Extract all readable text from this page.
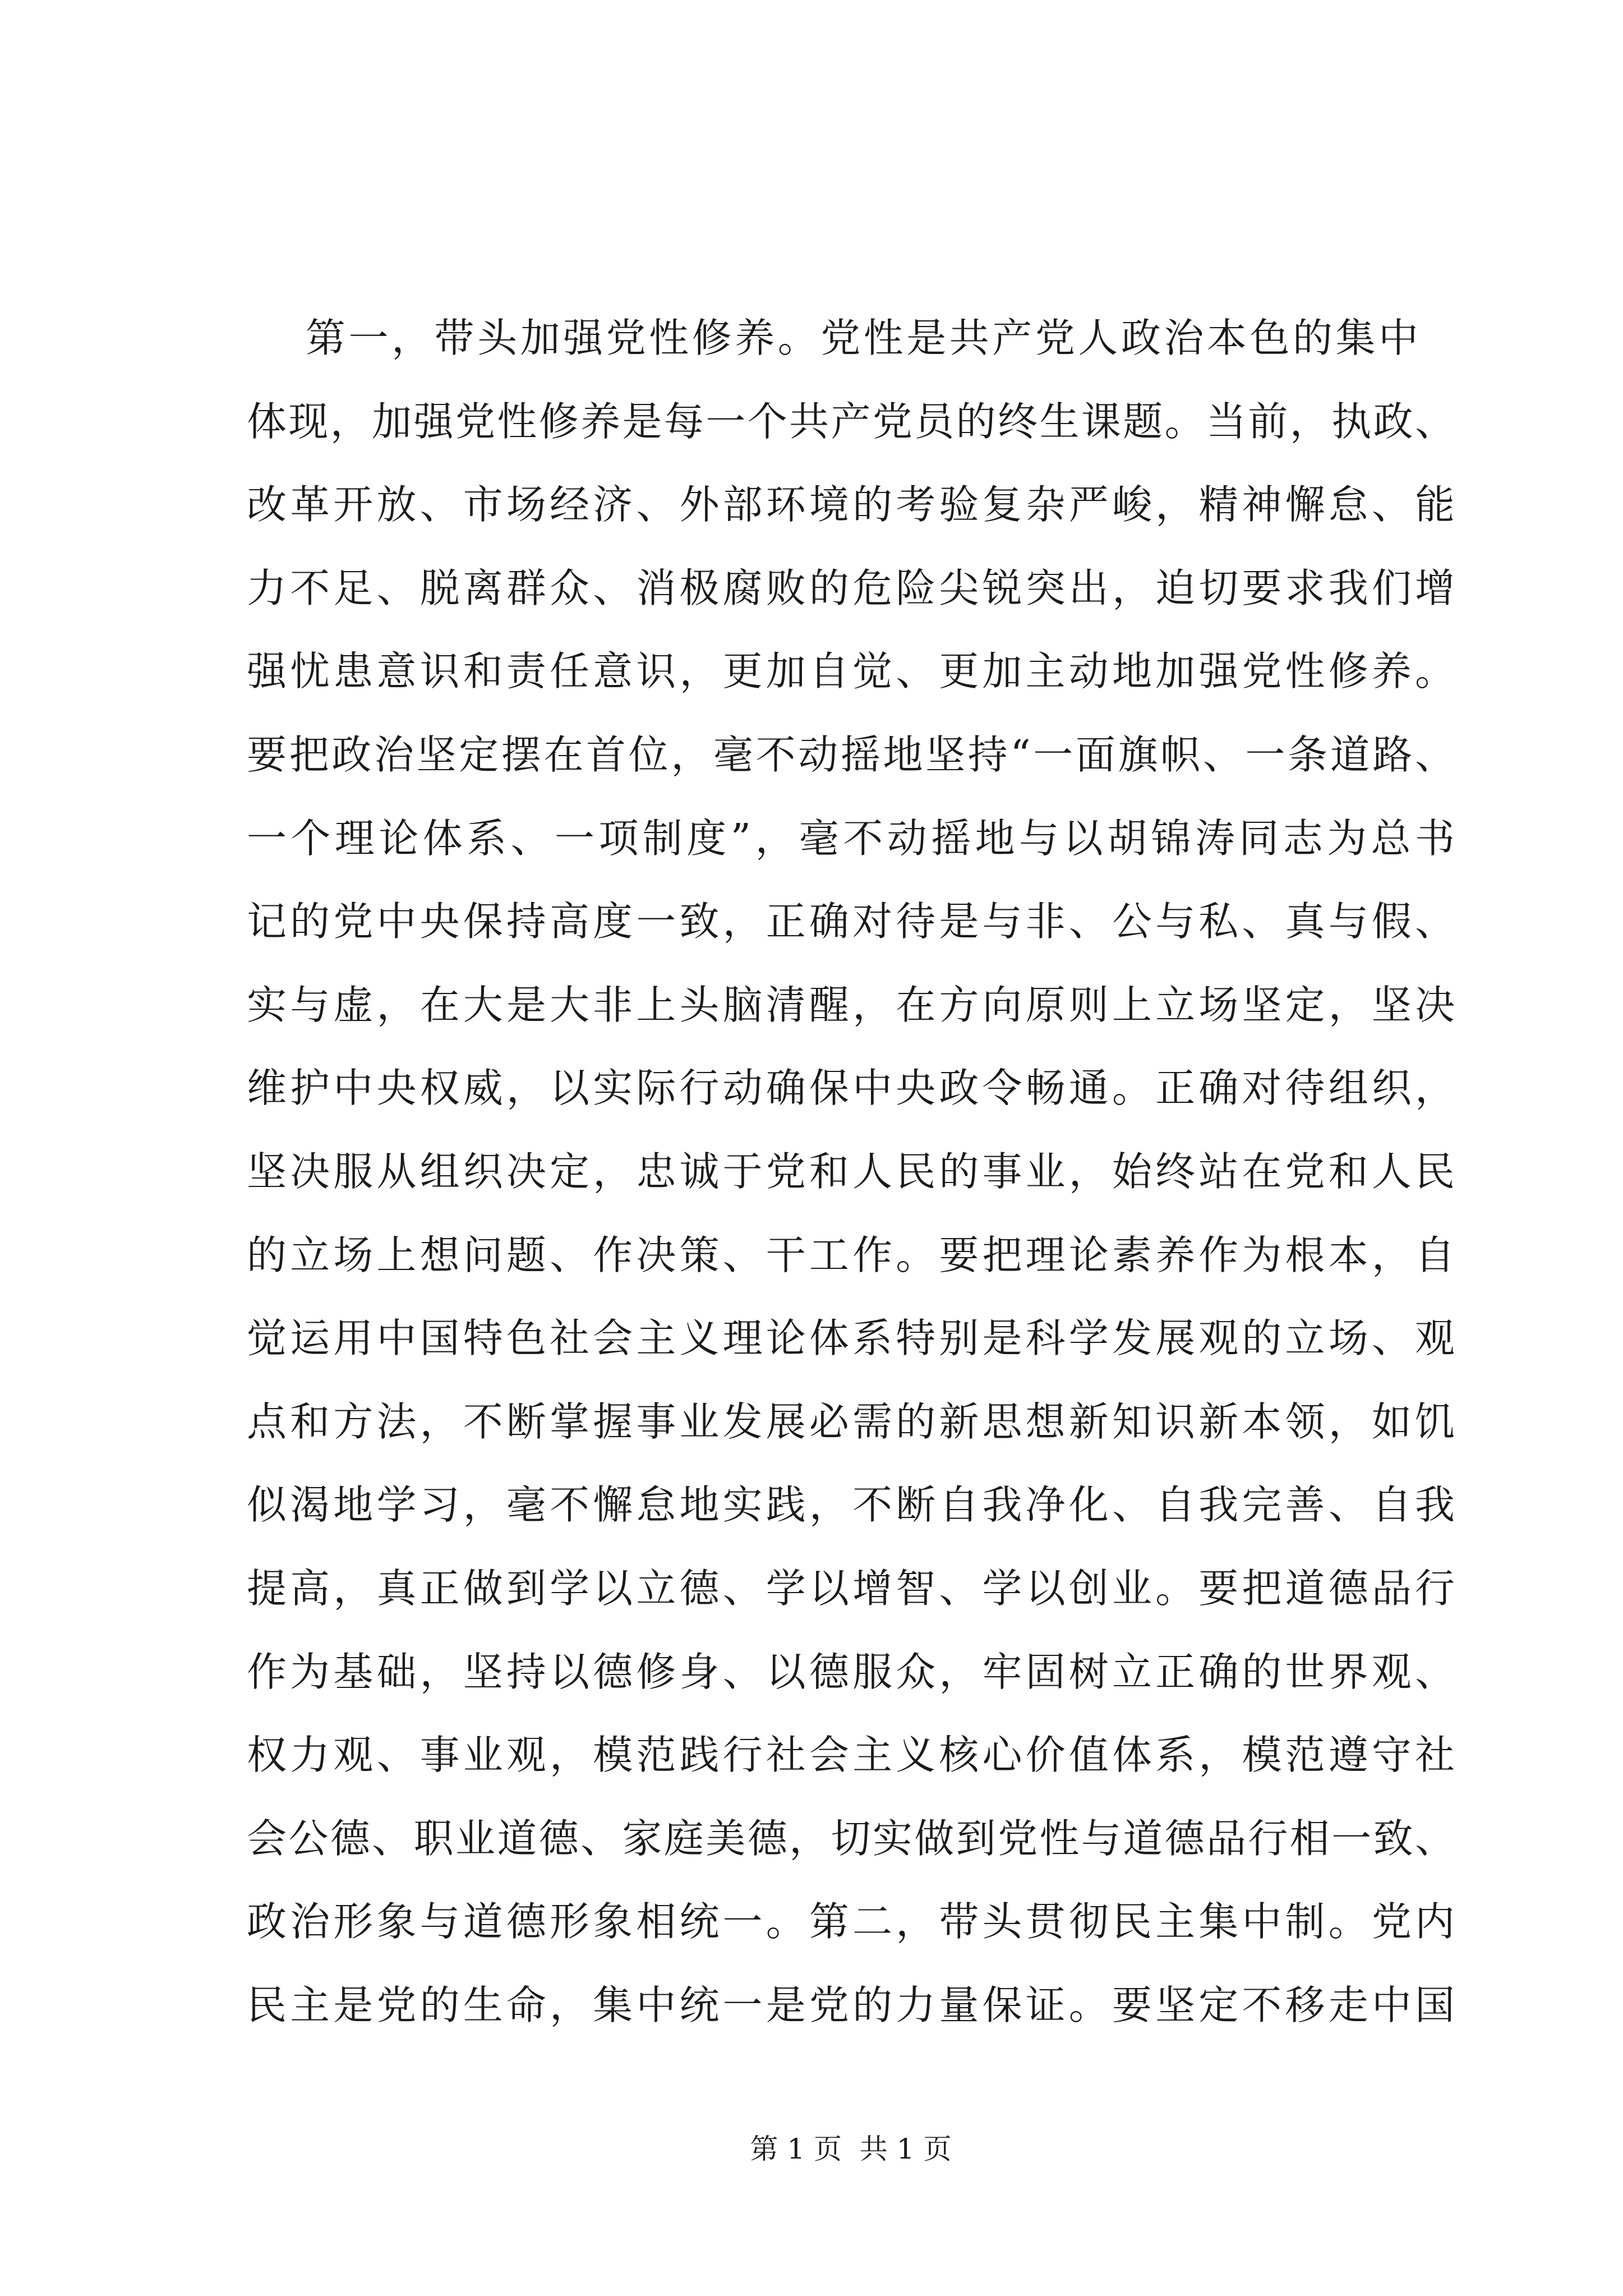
第一，带头加强党性修养。党性是共产党人政治本色的集中
体现，加强党性修养是每一个共产党员的终生课题。当前，执政、
改革开放、市场经济、外部环境的考验复杂严峻，精神懈怠、能
力不足、脱离群众、消极腐败的危险尖锐突出，迫切要求我们增
强忧患意识和责任意识，更加自觉、更加主动地加强党性修养。
要把政治坚定摆在首位，毫不动摇地坚持“一面旗帜、一条道路、
一个理论体系、一项制度”，毫不动摇地与以胡锦涛同志为总书
记的党中央保持高度一致，正确对待是与非、公与私、真与假、
实与虚，在大是大非上头脑清醒，在方向原则上立场坚定，坚决
维护中央权威，以实际行动确保中央政令畅通。正确对待组织，
坚决服从组织决定，忠诚于党和人民的事业，始终站在党和人民
的立场上想问题、作决策、干工作。要把理论素养作为根本，自
觉运用中国特色社会主义理论体系特别是科学发展观的立场、观
点和方法，不断掌握事业发展必需的新思想新知识新本领，如饥
似渴地学习，毫不懈怠地实践，不断自我净化、自我完善、自我
提高，真正做到学以立德、学以增智、学以创业。要把道德品行
作为基础，坚持以德修身、以德服众，牢固树立正确的世界观、
权力观、事业观，模范践行社会主义核心价值体系，模范遵守社
会公德、职业道德、家庭美德，切实做到党性与道德品行相一致、
政治形象与道德形象相统一。第二，带头贯彻民主集中制。党内
民主是党的生命，集中统一是党的力量保证。要坚定不移走中国
第 1 页  共 1 页
